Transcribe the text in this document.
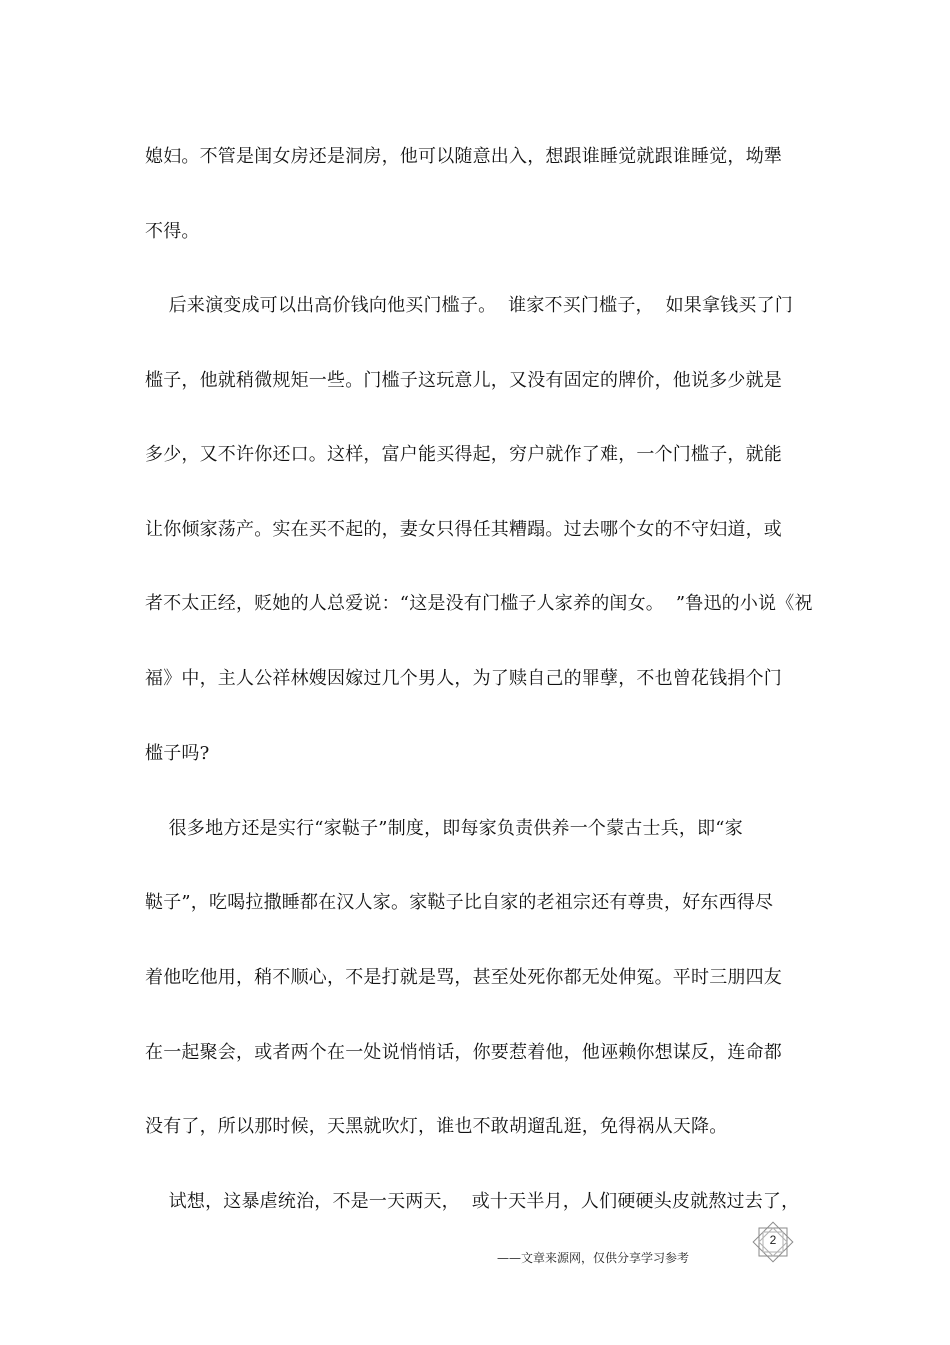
媳妇。不管是闺女房还是洞房，他可以随意出入，想跟谁睡觉就跟谁睡觉，坳犟
不得。
后来演变成可以出高价钱向他买门槛子。  谁家不买门槛子，  如果拿钱买了门
槛子，他就稍微规矩一些。门槛子这玩意儿，又没有固定的牌价，他说多少就是
多少，又不许你还口。这样，富户能买得起，穷户就作了难，一个门槛子，就能
让你倾家荡产。实在买不起的，妻女只得任其糟蹋。过去哪个女的不守妇道，或
者不太正经，贬她的人总爱说：“这是没有门槛子人家养的闺女。  ”鲁迅的小说《祝
福》中，主人公祥林嫂因嫁过几个男人，为了赎自己的罪孽，不也曾花钱捐个门
槛子吗?
很多地方还是实行“家鞑子”制度，即每家负责供养一个蒙古士兵，即“家
鞑子”，吃喝拉撒睡都在汉人家。家鞑子比自家的老祖宗还有尊贵，好东西得尽
着他吃他用，稍不顺心，不是打就是骂，甚至处死你都无处伸冤。平时三朋四友
在一起聚会，或者两个在一处说悄悄话，你要惹着他，他诬赖你想谋反，连命都
没有了，所以那时候，天黑就吹灯，谁也不敢胡遛乱逛，免得祸从天降。
试想，这暴虐统治，不是一天两天，  或十天半月，人们硬硬头皮就熬过去了，
——文章来源网，仅供分享学习参考
2
